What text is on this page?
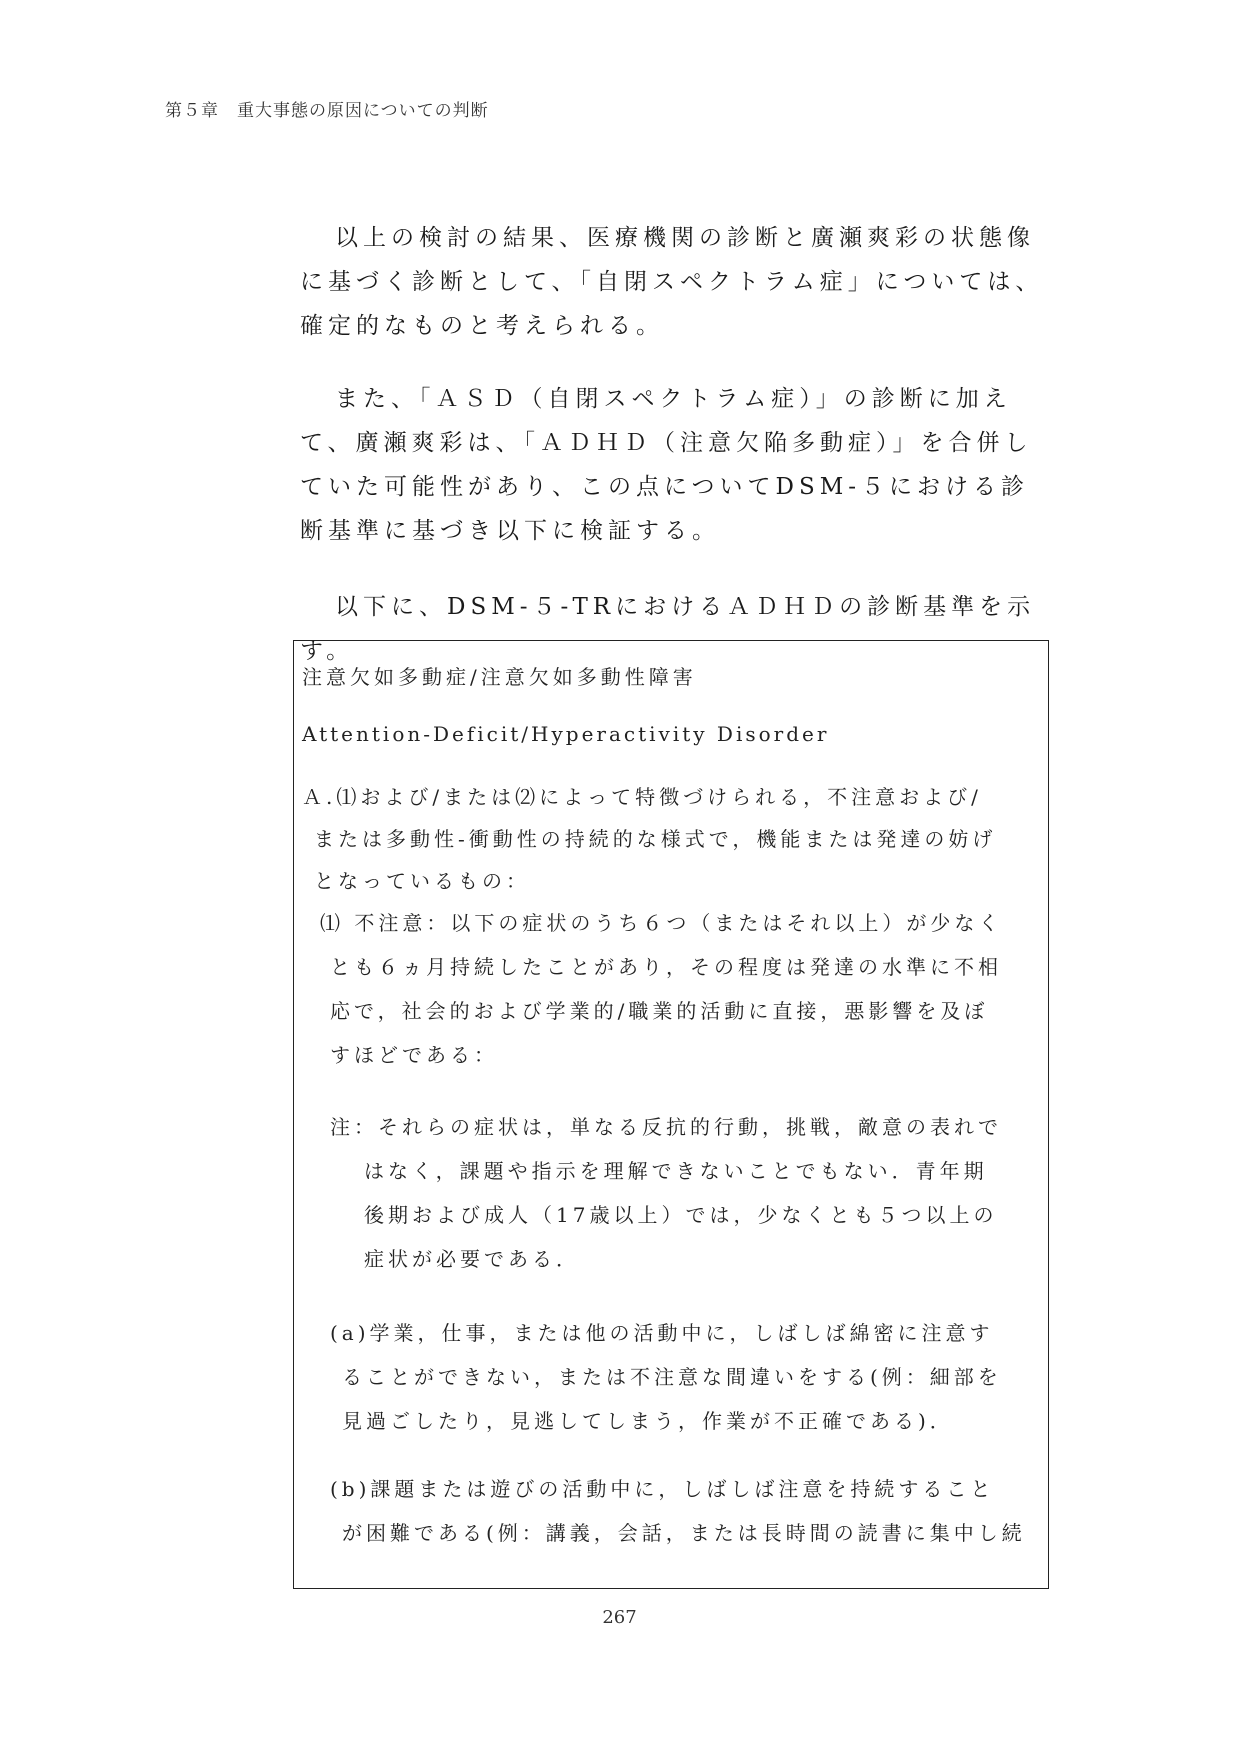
第５章　重大事態の原因についての判断

以上の検討の結果、医療機関の診断と廣瀬爽彩の状態像に基づく診断として、「自閉スペクトラム症」については、確定的なものと考えられる。

また、「ＡＳＤ（自閉スペクトラム症）」の診断に加えて、廣瀬爽彩は、「ＡＤＨＤ（注意欠陥多動症）」を合併していた可能性があり、この点についてDSM-５における診断基準に基づき以下に検証する。

以下に、DSM-５-TRにおけるＡＤＨＤの診断基準を示す。

注意欠如多動症/注意欠如多動性障害
Attention-Deficit/Hyperactivity Disorder
Ａ.⑴および/または⑵によって特徴づけられる，不注意および/
または多動性-衝動性の持続的な様式で，機能または発達の妨げ
となっているもの：
⑴ 不注意：以下の症状のうち６つ（またはそれ以上）が少なく
とも６ヵ月持続したことがあり，その程度は発達の水準に不相
応で，社会的および学業的/職業的活動に直接，悪影響を及ぼ
すほどである：
注：それらの症状は，単なる反抗的行動，挑戦，敵意の表れで
はなく，課題や指示を理解できないことでもない．青年期
後期および成人（17歳以上）では，少なくとも５つ以上の
症状が必要である．
(a)学業，仕事，または他の活動中に，しばしば綿密に注意す
ることができない，または不注意な間違いをする(例：細部を
見過ごしたり，見逃してしまう，作業が不正確である)．
(b)課題または遊びの活動中に，しばしば注意を持続すること
が困難である(例：講義，会話，または長時間の読書に集中し続
267
